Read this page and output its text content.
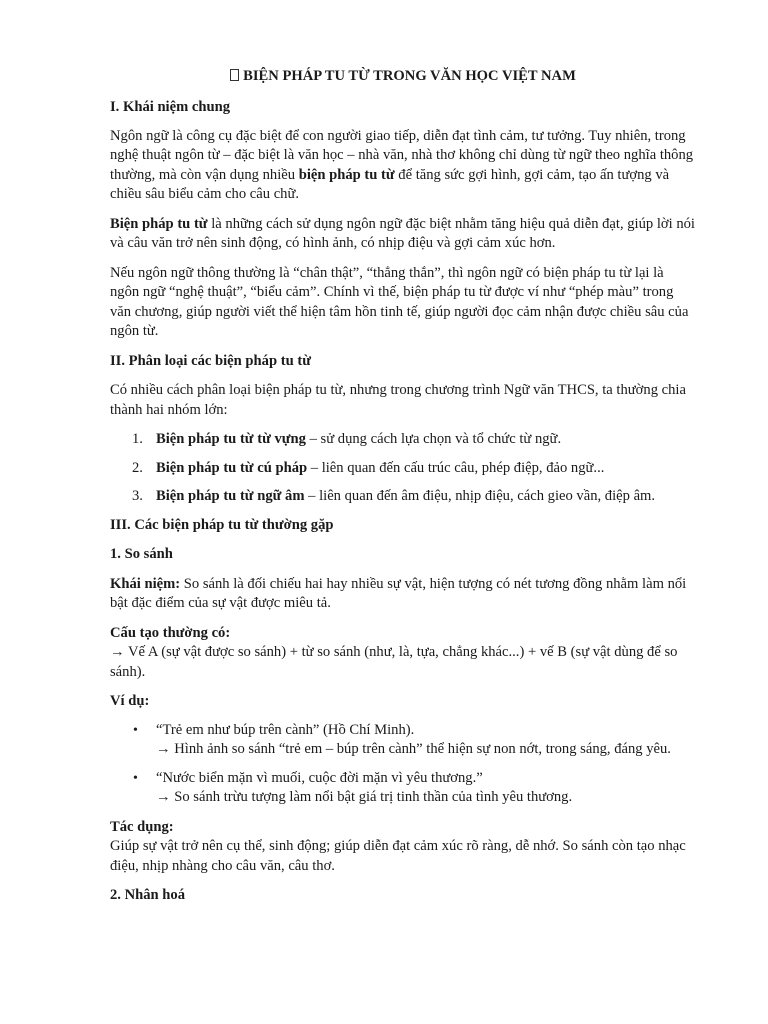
BIỆN PHÁP TU TỪ TRONG VĂN HỌC VIỆT NAM
I. Khái niệm chung

Ngôn ngữ là công cụ đặc biệt để con người giao tiếp, diễn đạt tình cảm, tư tưởng. Tuy nhiên, trong nghệ thuật ngôn từ – đặc biệt là văn học – nhà văn, nhà thơ không chỉ dùng từ ngữ theo nghĩa thông thường, mà còn vận dụng nhiều biện pháp tu từ để tăng sức gợi hình, gợi cảm, tạo ấn tượng và chiều sâu biểu cảm cho câu chữ.

Biện pháp tu từ là những cách sử dụng ngôn ngữ đặc biệt nhằm tăng hiệu quả diễn đạt, giúp lời nói và câu văn trở nên sinh động, có hình ảnh, có nhịp điệu và gợi cảm xúc hơn.

Nếu ngôn ngữ thông thường là “chân thật”, “thẳng thắn”, thì ngôn ngữ có biện pháp tu từ lại là ngôn ngữ “nghệ thuật”, “biểu cảm”. Chính vì thế, biện pháp tu từ được ví như “phép màu” trong văn chương, giúp người viết thể hiện tâm hồn tinh tế, giúp người đọc cảm nhận được chiều sâu của ngôn từ.

II. Phân loại các biện pháp tu từ

Có nhiều cách phân loại biện pháp tu từ, nhưng trong chương trình Ngữ văn THCS, ta thường chia thành hai nhóm lớn:

1. Biện pháp tu từ từ vựng – sử dụng cách lựa chọn và tổ chức từ ngữ.
2. Biện pháp tu từ cú pháp – liên quan đến cấu trúc câu, phép điệp, đảo ngữ...
3. Biện pháp tu từ ngữ âm – liên quan đến âm điệu, nhịp điệu, cách gieo vần, điệp âm.
III. Các biện pháp tu từ thường gặp
1. So sánh

Khái niệm: So sánh là đối chiếu hai hay nhiều sự vật, hiện tượng có nét tương đồng nhằm làm nổi bật đặc điểm của sự vật được miêu tả.

Cấu tạo thường có:
→ Vế A (sự vật được so sánh) + từ so sánh (như, là, tựa, chẳng khác...) + vế B (sự vật dùng để so sánh).

Ví dụ:

• “Trẻ em như búp trên cành” (Hồ Chí Minh).
→ Hình ảnh so sánh “trẻ em – búp trên cành” thể hiện sự non nớt, trong sáng, đáng yêu.
• “Nước biển mặn vì muối, cuộc đời mặn vì yêu thương.”
→ So sánh trừu tượng làm nổi bật giá trị tinh thần của tình yêu thương.

Tác dụng:
Giúp sự vật trở nên cụ thể, sinh động; giúp diễn đạt cảm xúc rõ ràng, dễ nhớ. So sánh còn tạo nhạc điệu, nhịp nhàng cho câu văn, câu thơ.

2. Nhân hoá
